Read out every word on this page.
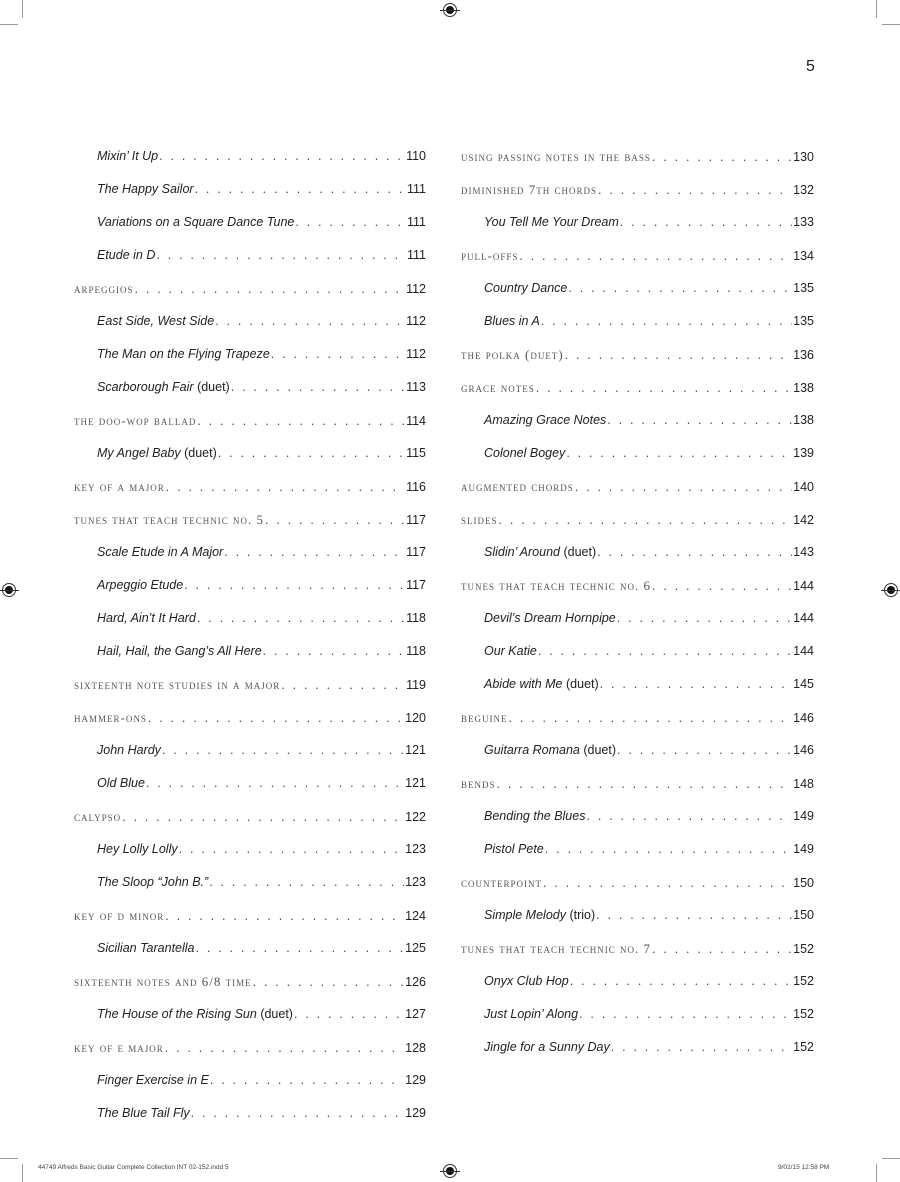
5
Mixin’ It Up . . .	110
The Happy Sailor . . .	111
Variations on a Square Dance Tune . . .	111
Etude in D . . .	111
arpeggios . . .	112
East Side, West Side . . .	112
The Man on the Flying Trapeze . . .	112
Scarborough Fair (duet) . . .	113
the doo-wop ballad . . .	114
My Angel Baby (duet) . . .	115
key of a major . . .	116
tunes that teach technic no. 5 . . .	117
Scale Etude in A Major . . .	117
Arpeggio Etude . . .	117
Hard, Ain’t It Hard . . .	118
Hail, Hail, the Gang’s All Here . . .	118
sixteenth note studies in a major . . .	119
hammer-ons . . .	120
John Hardy . . .	121
Old Blue . . .	121
calypso . . .	122
Hey Lolly Lolly . . .	123
The Sloop “John B.” . . .	123
key of d minor . . .	124
Sicilian Tarantella . . .	125
sixteenth notes and 6/8 time . . .	126
The House of the Rising Sun (duet) . . .	127
key of e major . . .	128
Finger Exercise in E . . .	129
The Blue Tail Fly . . .	129
using passing notes in the bass . . .	130
diminished 7th chords . . .	132
You Tell Me Your Dream . . .	133
pull-offs . . .	134
Country Dance . . .	135
Blues in A . . .	135
the polka (duet) . . .	136
grace notes . . .	138
Amazing Grace Notes . . .	138
Colonel Bogey . . .	139
augmented chords . . .	140
slides . . .	142
Slidin’ Around (duet) . . .	143
tunes that teach technic no. 6 . . .	144
Devil’s Dream Hornpipe . . .	144
Our Katie . . .	144
Abide with Me (duet) . . .	145
beguine . . .	146
Guitarra Romana (duet) . . .	146
bends . . .	148
Bending the Blues . . .	149
Pistol Pete . . .	149
counterpoint . . .	150
Simple Melody (trio) . . .	150
tunes that teach technic no. 7 . . .	152
Onyx Club Hop . . .	152
Just Lopin’ Along . . .	152
Jingle for a Sunny Day . . .	152
44749 Alfreds Basic Guitar Complete Collection INT 02-152.indd 5	9/02/15 12:58 PM
